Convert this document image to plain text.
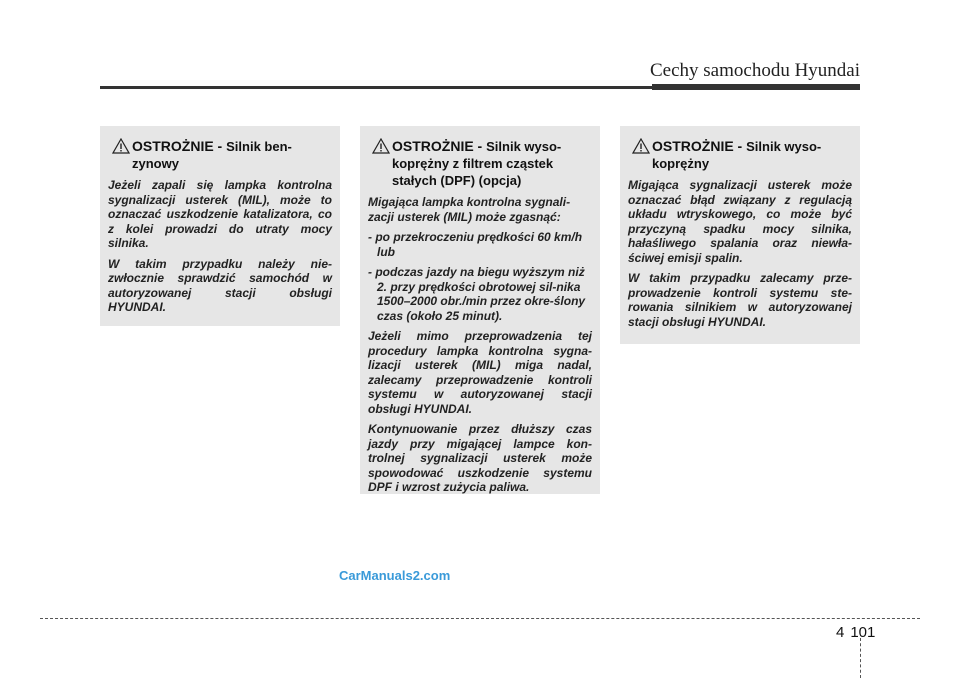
Cechy samochodu Hyundai
OSTROŻNIE - Silnik ben-
zynowy

Jeżeli zapali się lampka kontrolna sygnalizacji usterek (MIL), może to oznaczać uszkodzenie katalizatora, co z kolei prowadzi do utraty mocy silnika.

W takim przypadku należy nie-zwłocznie sprawdzić samochód w autoryzowanej stacji obsługi HYUNDAI.

OSTROŻNIE - Silnik wyso-
koprężny z filtrem cząstek stałych (DPF) (opcja)

Migająca lampka kontrolna sygnali-zacji usterek (MIL) może zgasnąć:

- po przekroczeniu prędkości 60 km/h lub

- podczas jazdy na biegu wyższym niż 2. przy prędkości obrotowej sil-nika 1500–2000 obr./min przez okre-ślony czas (około 25 minut).

Jeżeli mimo przeprowadzenia tej procedury lampka kontrolna sygna-lizacji usterek (MIL) miga nadal, zalecamy przeprowadzenie kontroli systemu w autoryzowanej stacji obsługi HYUNDAI.

Kontynuowanie przez dłuższy czas jazdy przy migającej lampce kon-trolnej sygnalizacji usterek może spowodować uszkodzenie systemu DPF i wzrost zużycia paliwa.

OSTROŻNIE - Silnik wyso-
koprężny

Migająca sygnalizacji usterek może oznaczać błąd związany z regulacją układu wtryskowego, co może być przyczyną spadku mocy silnika, hałaśliwego spalania oraz niewła-ściwej emisji spalin.

W takim przypadku zalecamy prze-prowadzenie kontroli systemu ste-rowania silnikiem w autoryzowanej stacji obsługi HYUNDAI.

CarManuals2.com
4 101
